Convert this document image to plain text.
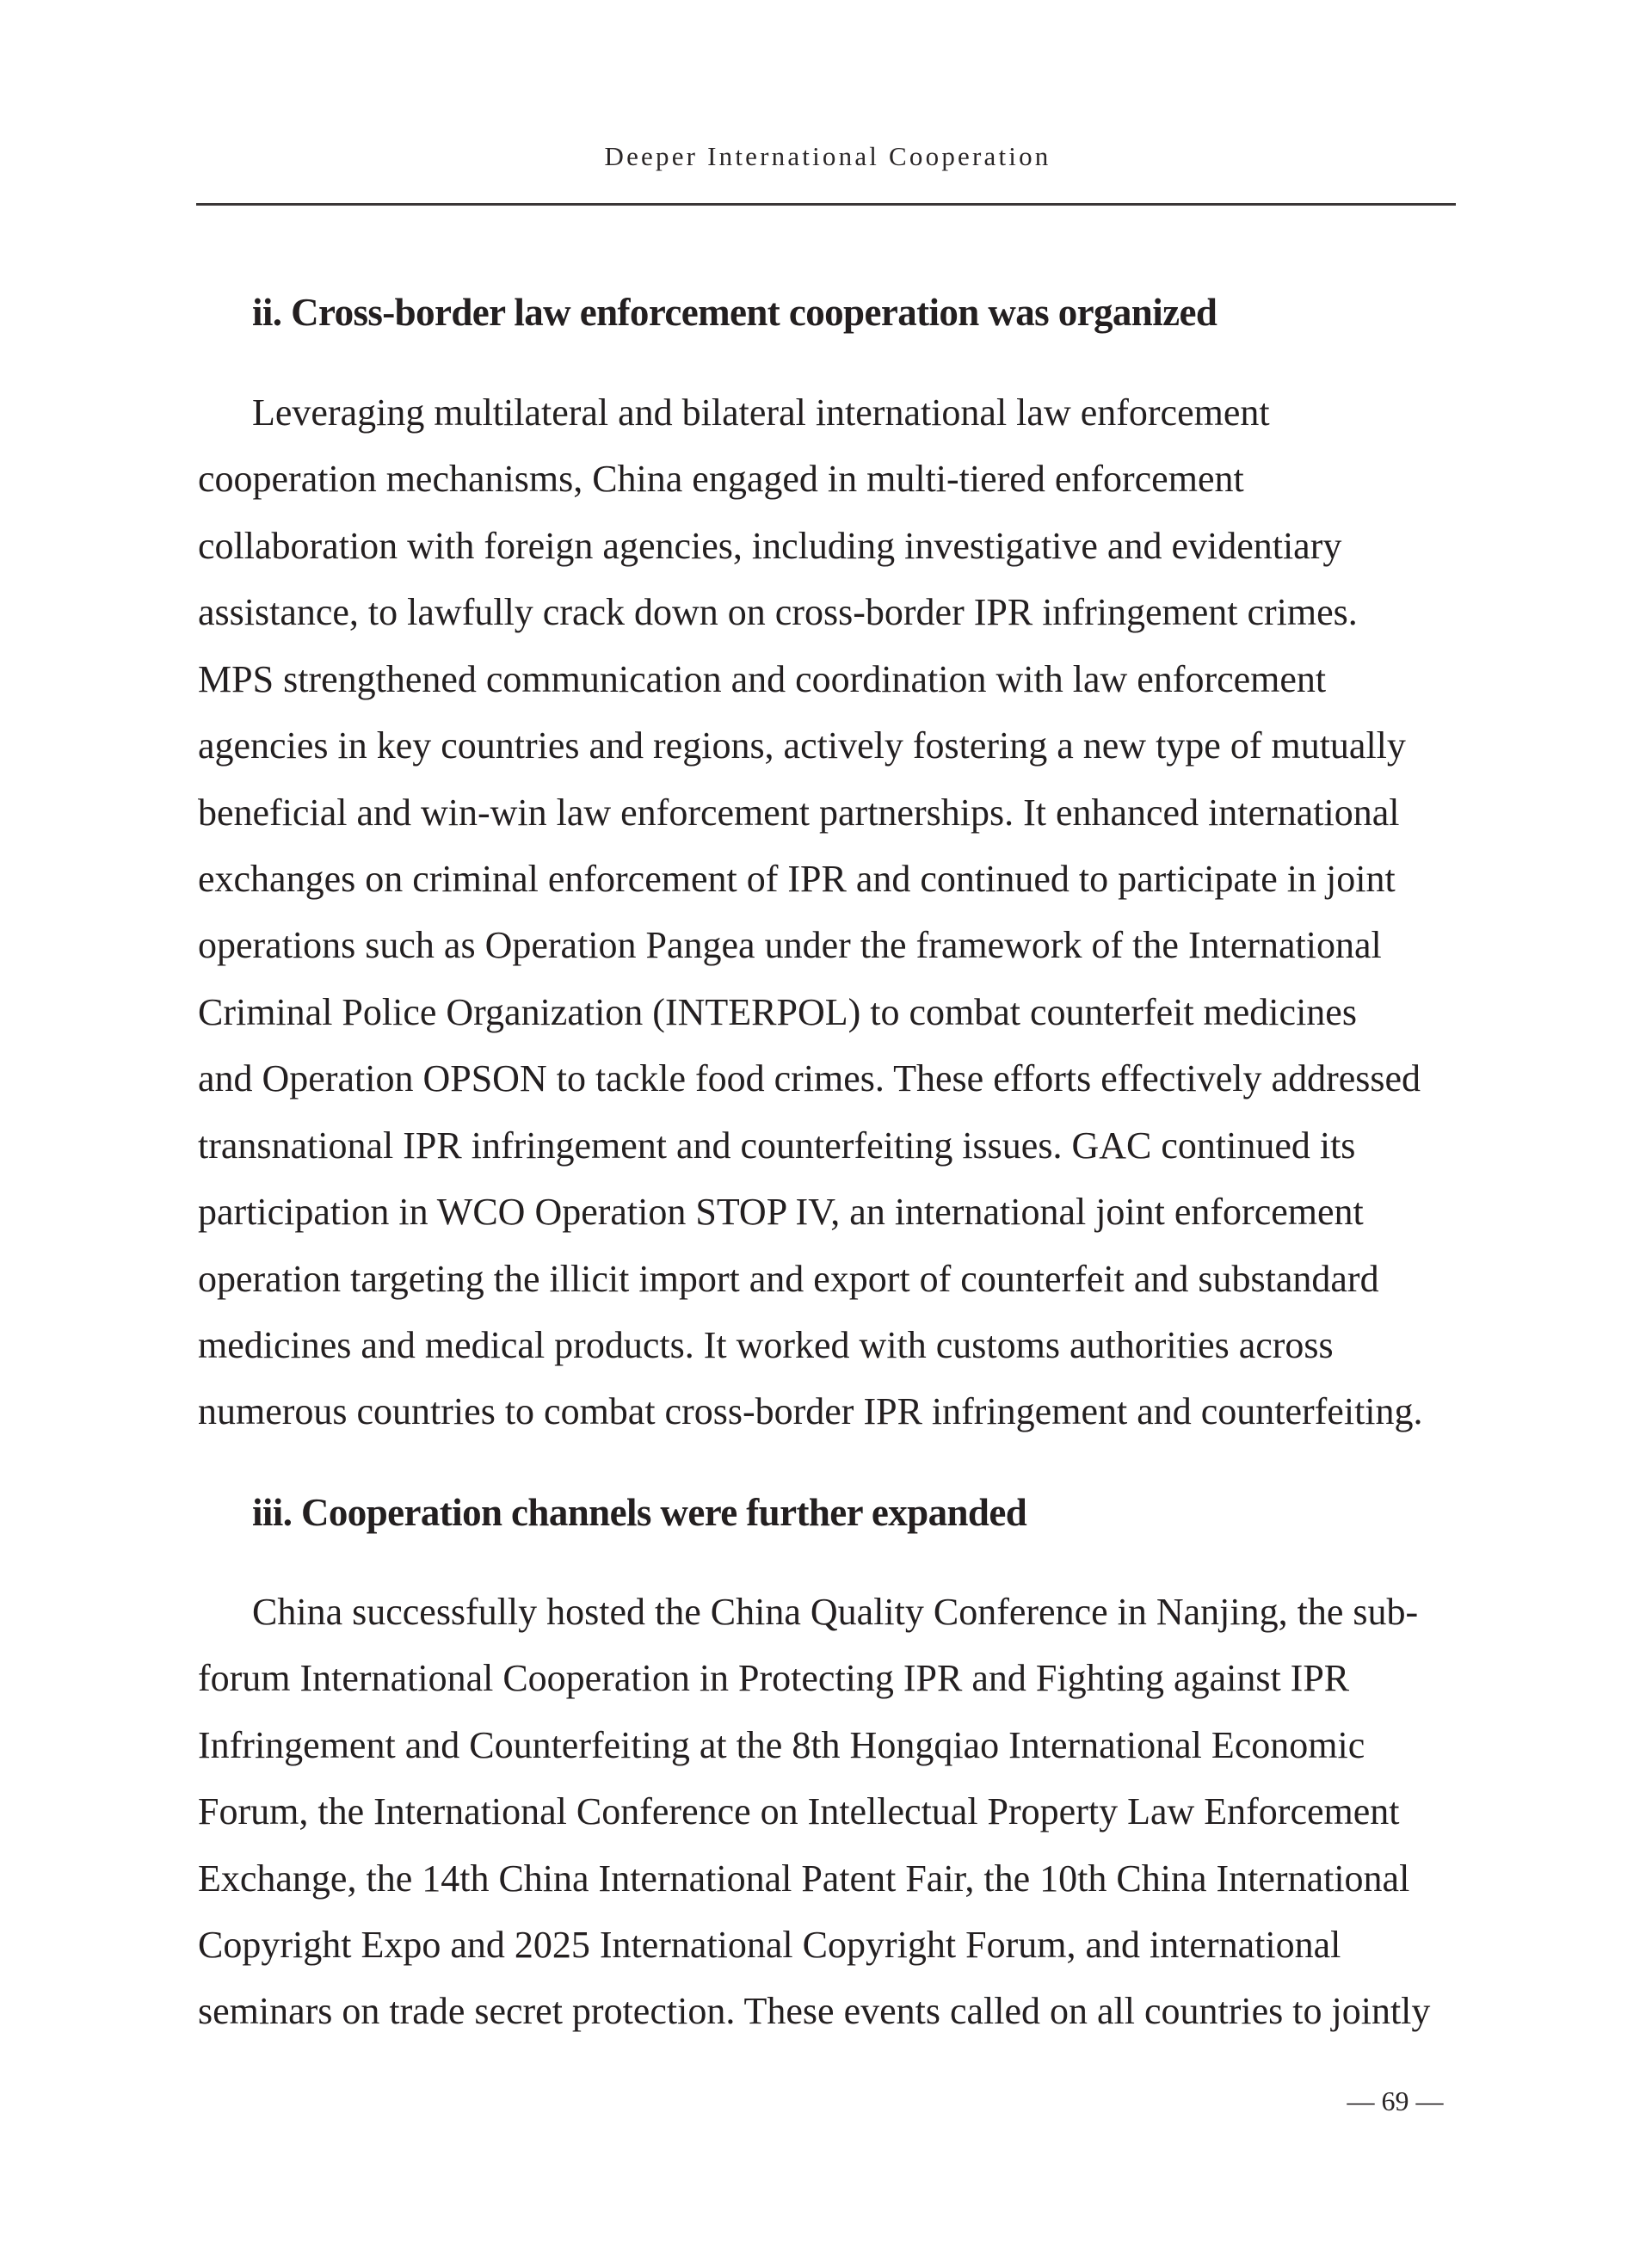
Deeper International Cooperation
ii. Cross-border law enforcement cooperation was organized
Leveraging multilateral and bilateral international law enforcement
cooperation mechanisms, China engaged in multi-tiered enforcement
collaboration with foreign agencies, including investigative and evidentiary
assistance, to lawfully crack down on cross-border IPR infringement crimes.
MPS strengthened communication and coordination with law enforcement
agencies in key countries and regions, actively fostering a new type of mutually
beneficial and win-win law enforcement partnerships. It enhanced international
exchanges on criminal enforcement of IPR and continued to participate in joint
operations such as Operation Pangea under the framework of the International
Criminal Police Organization (INTERPOL) to combat counterfeit medicines
and Operation OPSON to tackle food crimes. These efforts effectively addressed
transnational IPR infringement and counterfeiting issues. GAC continued its
participation in WCO Operation STOP IV, an international joint enforcement
operation targeting the illicit import and export of counterfeit and substandard
medicines and medical products. It worked with customs authorities across
numerous countries to combat cross-border IPR infringement and counterfeiting.
iii. Cooperation channels were further expanded
China successfully hosted the China Quality Conference in Nanjing, the sub-
forum International Cooperation in Protecting IPR and Fighting against IPR
Infringement and Counterfeiting at the 8th Hongqiao International Economic
Forum, the International Conference on Intellectual Property Law Enforcement
Exchange, the 14th China International Patent Fair, the 10th China International
Copyright Expo and 2025 International Copyright Forum, and international
seminars on trade secret protection. These events called on all countries to jointly
— 69 —
